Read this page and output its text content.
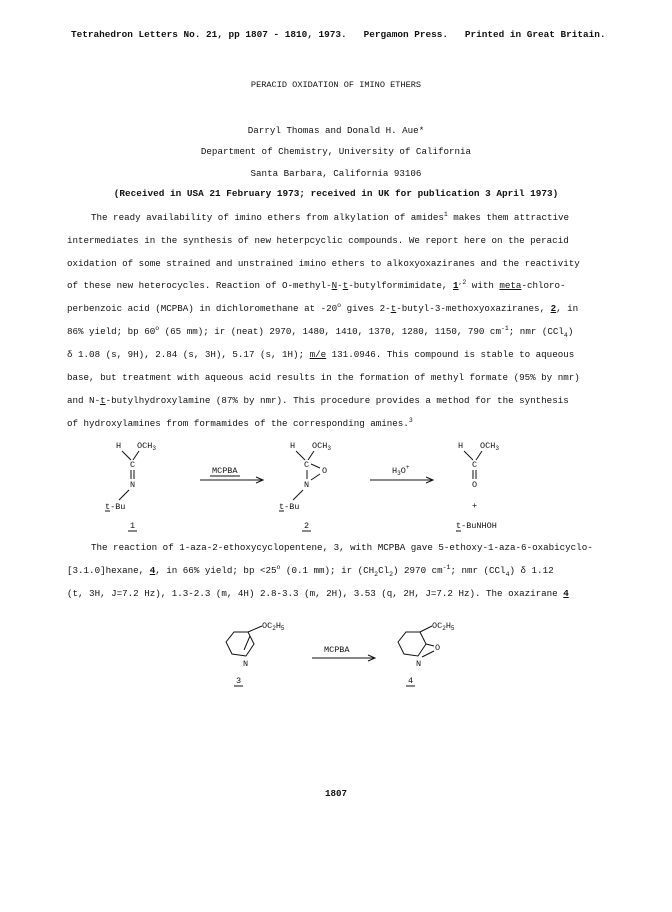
Tetrahedron Letters No. 21, pp 1807 - 1810, 1973. Pergamon Press. Printed in Great Britain.
PERACID OXIDATION OF IMINO ETHERS
Darryl Thomas and Donald H. Aue*
Department of Chemistry, University of California
Santa Barbara, California 93106
(Received in USA 21 February 1973; received in UK for publication 3 April 1973)
The ready availability of imino ethers from alkylation of amides$^1$ makes them attractive
intermediates in the synthesis of new heterpcyclic compounds. We report here on the peracid
oxidation of some strained and unstrained imino ethers to alkoxyoxaziranes and the reactivity
of these new heterocycles. Reaction of O-methyl-N-t-butylformimidate, $1^{,2}$ with meta-chloro-
perbenzoic acid (MCPBA) in dichloromethane at -20$^o$ gives 2-t-butyl-3-methoxyoxaziranes, 2, in
86% yield; bp 60$^o$ (65 mm); ir (neat) 2970, 1480, 1410, 1370, 1280, 1150, 790 $cm^{-1}$; nmr (CCl$_4$)
δ 1.08 (s, 9H), 2.84 (s, 3H), 5.17 (s, 1H); m/e 131.0946. This compound is stable to aqueous
base, but treatment with aqueous acid results in the formation of methyl formate (95% by nmr)
and N-t-butylhydroxylamine (87% by nmr). This procedure provides a method for the synthesis
of hydroxylamines from formamides of the corresponding amines.$^3$
H $OCH_3$
C
N
t-Bu
1
MCPBA
H $OCH_3$
C
O
N
t-Bu
2
$H_3O^+$
H $OCH_3$
C
O
+
t-BuNHOH
The reaction of 1-aza-2-ethoxycyclopentene, 3, with MCPBA gave 5-ethoxy-1-aza-6-oxabicyclo-
[3.1.0]hexane, 4, in 66% yield; bp $<25^o$ (0.1 mm); ir $(CH_2Cl_2)$ 2970 $cm^{-1}$; nmr (CCl$_4$) δ 1.12
(t, 3H, J=7.2 Hz), 1.3-2.3 (m, 4H) 2.8-3.3 (m, 2H), 3.53 (q, 2H, J=7.2 Hz). The oxazirane 4
$OC_2H_5$
N
3
MCPBA
$OC_2H_5$
O
N
4
1807
